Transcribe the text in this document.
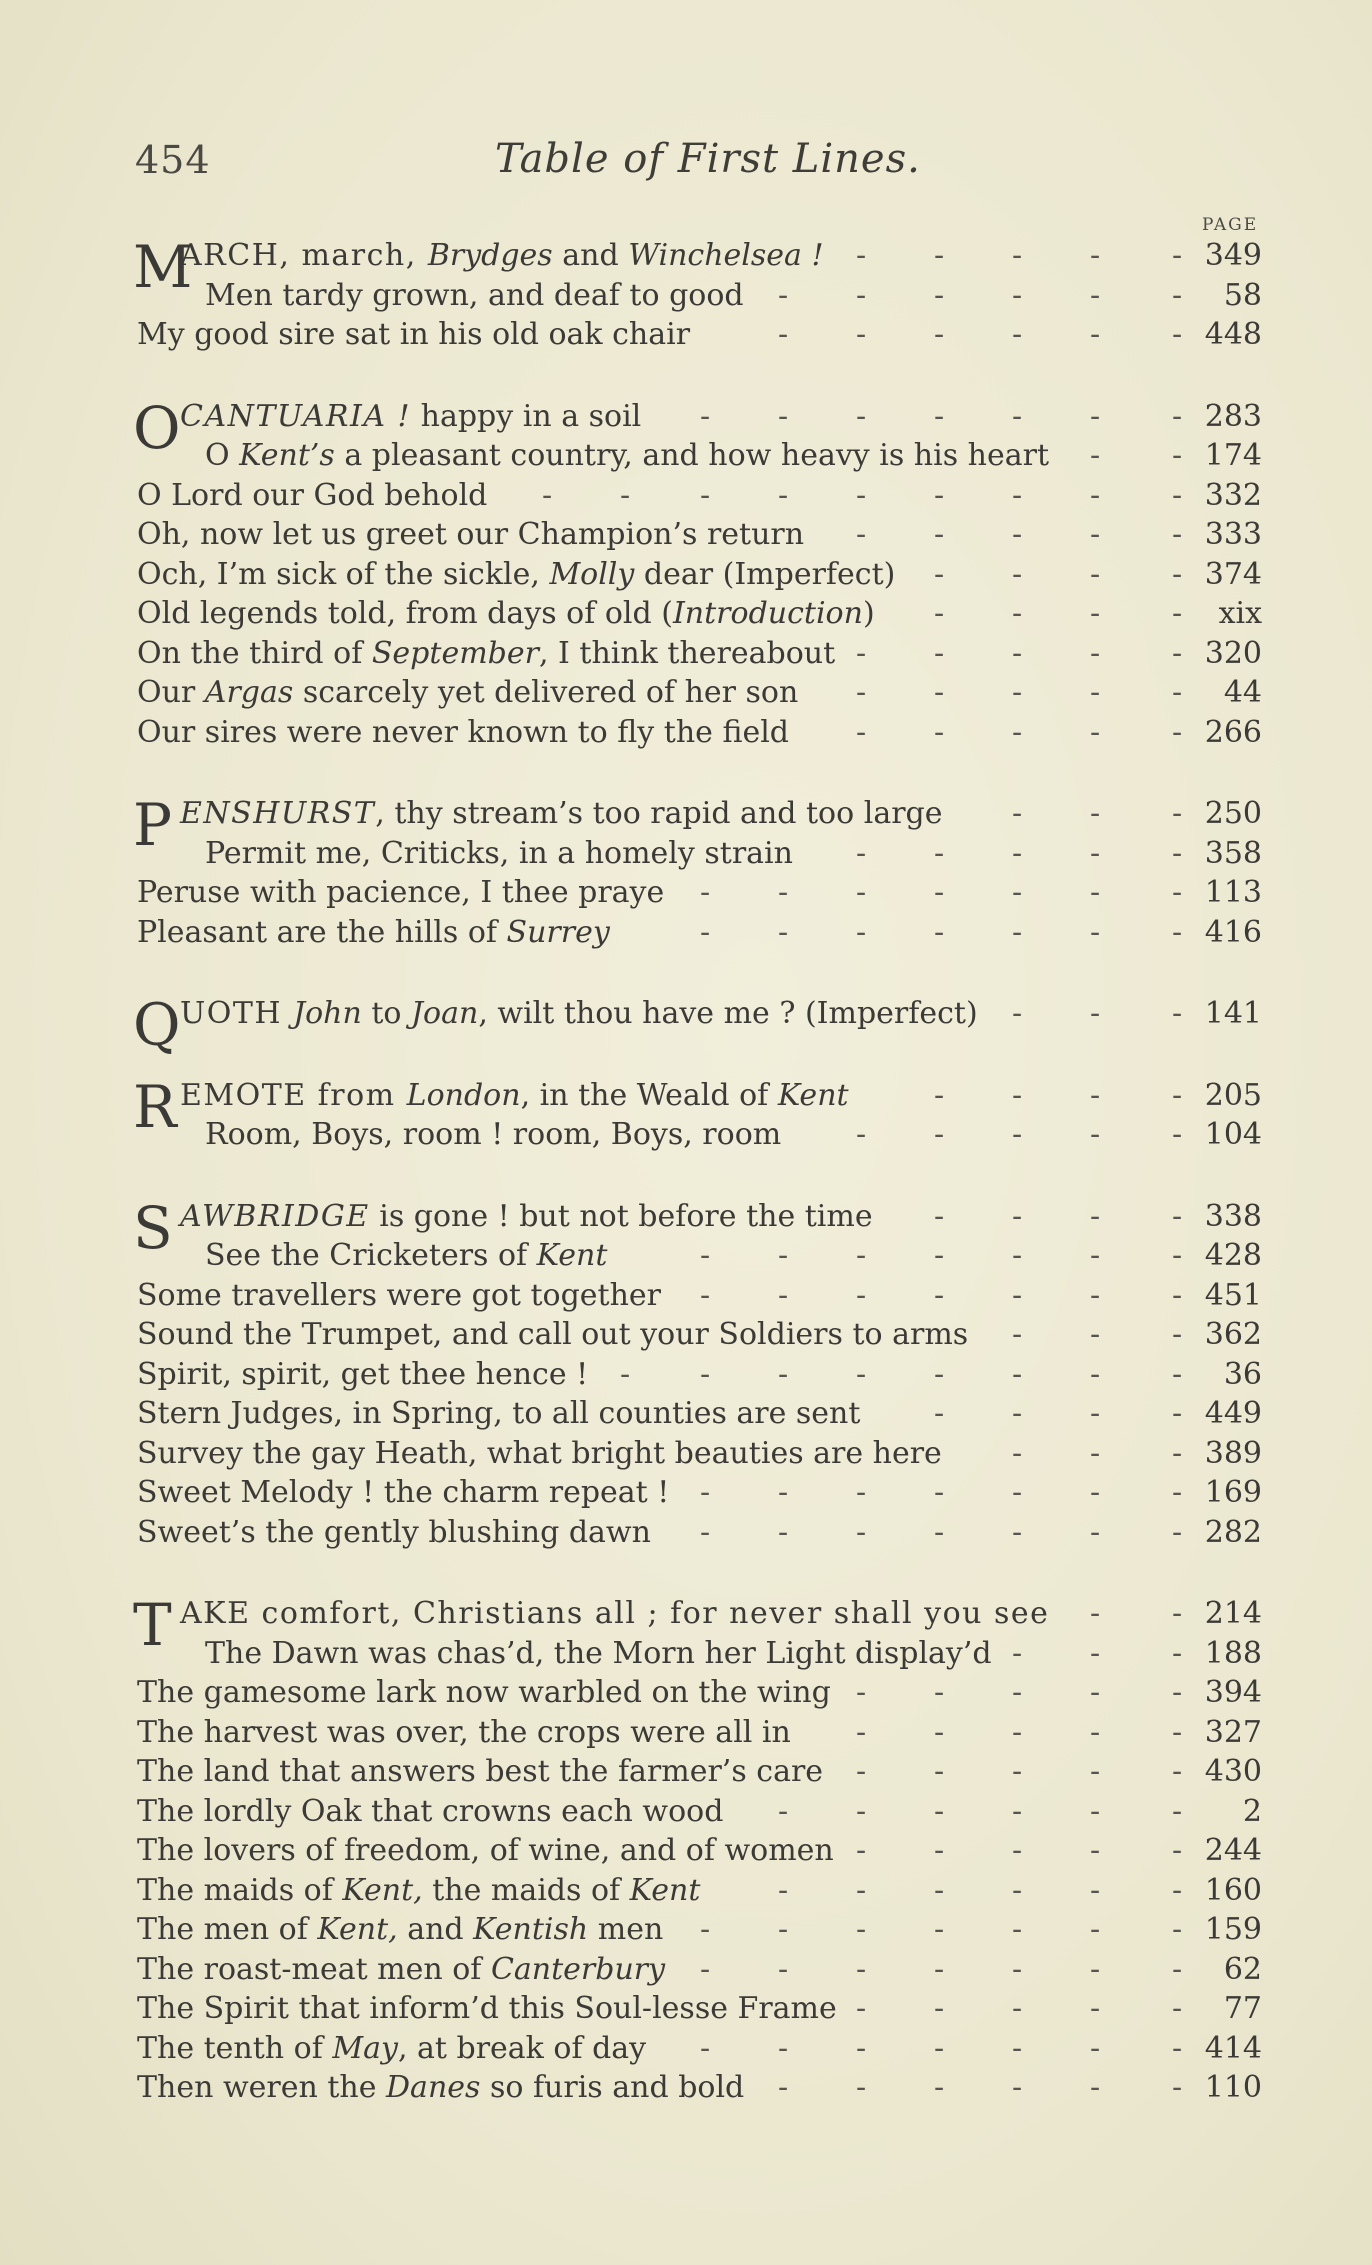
454	Table of First Lines.
PAGE
M
ARCH, march, Brydges and Winchelsea ! - - - - - 349
Men tardy grown, and deaf to good - - - - - -	58
My good sire sat in his old oak chair	- - - - - - 448
O CANTUARIA ! happy in a soil - - - - - - - 283
O Kent’s a pleasant country, and how heavy is his heart - - 174
O Lord our God behold - - - - - - - - - 332
Oh, now let us greet our Champion’s return - - - - - 333
Och, I’m sick of the sickle, Molly dear (Imperfect) - - - - 374
Old legends told, from days of old (Introduction) - - - -	xix
On the third of September, I think thereabout - - - - - 320
Our Argas scarcely yet delivered of her son - - - - -	44
Our sires were never known to fly the field - - - - - 266
P ENSHURST, thy stream’s too rapid and too large - - - 250
Permit me, Criticks, in a homely strain - - - - - 358
Peruse with pacience, I thee praye - - - - - - - 113
Pleasant are the hills of Surrey	- - - - - - - 416
Q UOTH John to Joan, wilt thou have me ? (Imperfect) - - - 141
R EMOTE from London, in the Weald of Kent	- - - - 205
Room, Boys, room ! room, Boys, room - - - - - 104
S AWBRIDGE is gone ! but not before the time - - - - 338
See the Cricketers of Kent	- - - - - - - 428
Some travellers were got together - - - - - - - 451
Sound the Trumpet, and call out your Soldiers to arms - - - 362
Spirit, spirit, get thee hence ! - - - - - - - -	36
Stern Judges, in Spring, to all counties are sent - - - - 449
Survey the gay Heath, what bright beauties are here - - - 389
Sweet Melody ! the charm repeat ! - - - - - - - 169
Sweet’s the gently blushing dawn - - - - - - - 282
T AKE comfort, Christians all ; for never shall you see - - 214
The Dawn was chas’d, the Morn her Light display’d - - - 188
The gamesome lark now warbled on the wing - - - - - 394
The harvest was over, the crops were all in - - - - - 327
The land that answers best the farmer’s care - - - - - 430
The lordly Oak that crowns each wood - - - - - -	2
The lovers of freedom, of wine, and of women - - - - - 244
The maids of Kent, the maids of Kent	- - - - - - 160
The men of Kent, and Kentish men - - - - - - - 159
The roast-meat men of Canterbury - - - - - - -	62
The Spirit that inform’d this Soul-lesse Frame - - - - -	77
The tenth of May, at break of day - - - - - - - 414
Then weren the Danes so furis and bold - - - - - - 110
